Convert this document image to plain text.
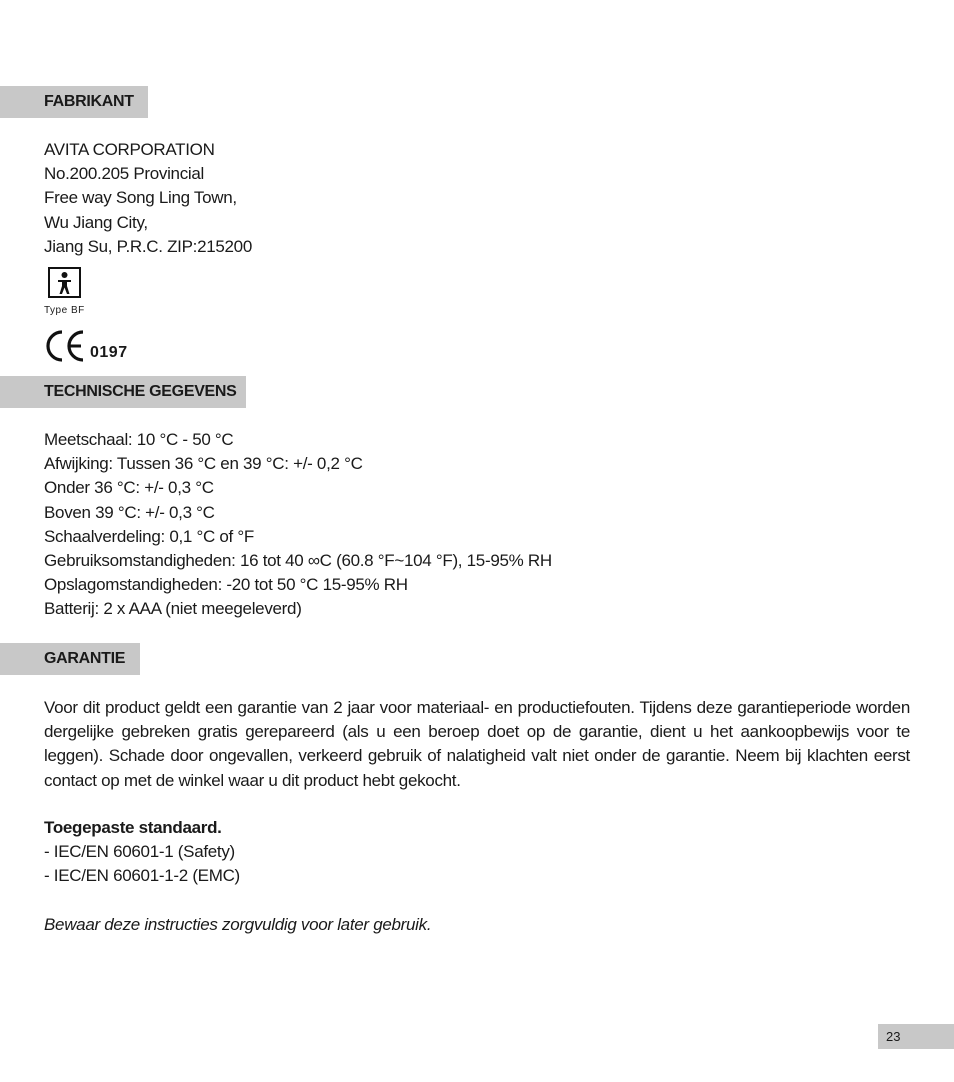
FABRIKANT
AVITA CORPORATION
No.200.205 Provincial
Free way Song Ling Town,
Wu Jiang City,
Jiang Su, P.R.C. ZIP:215200
Type BF
0197
TECHNISCHE GEGEVENS
Meetschaal: 10 °C - 50 °C
Afwijking: Tussen 36 °C en 39 °C: +/- 0,2 °C
Onder 36 °C: +/- 0,3 °C
Boven 39 °C: +/- 0,3 °C
Schaalverdeling: 0,1 °C of °F
Gebruiksomstandigheden: 16 tot 40 ∞C (60.8 °F~104 °F), 15-95% RH
Opslagomstandigheden: -20 tot 50 °C 15-95% RH
Batterij: 2 x AAA (niet meegeleverd)
GARANTIE
Voor dit product geldt een garantie van 2 jaar voor materiaal- en productiefouten. Tijdens deze garantieperiode worden dergelijke gebreken gratis gerepareerd (als u een beroep doet op de garantie, dient u het aankoopbewijs voor te leggen). Schade door ongevallen, verkeerd gebruik of nalatigheid valt niet onder de garantie. Neem bij klachten eerst contact op met de winkel waar u dit product hebt gekocht.
Toegepaste standaard.
- IEC/EN 60601-1 (Safety)
- IEC/EN 60601-1-2 (EMC)
Bewaar deze instructies zorgvuldig voor later gebruik.
23
